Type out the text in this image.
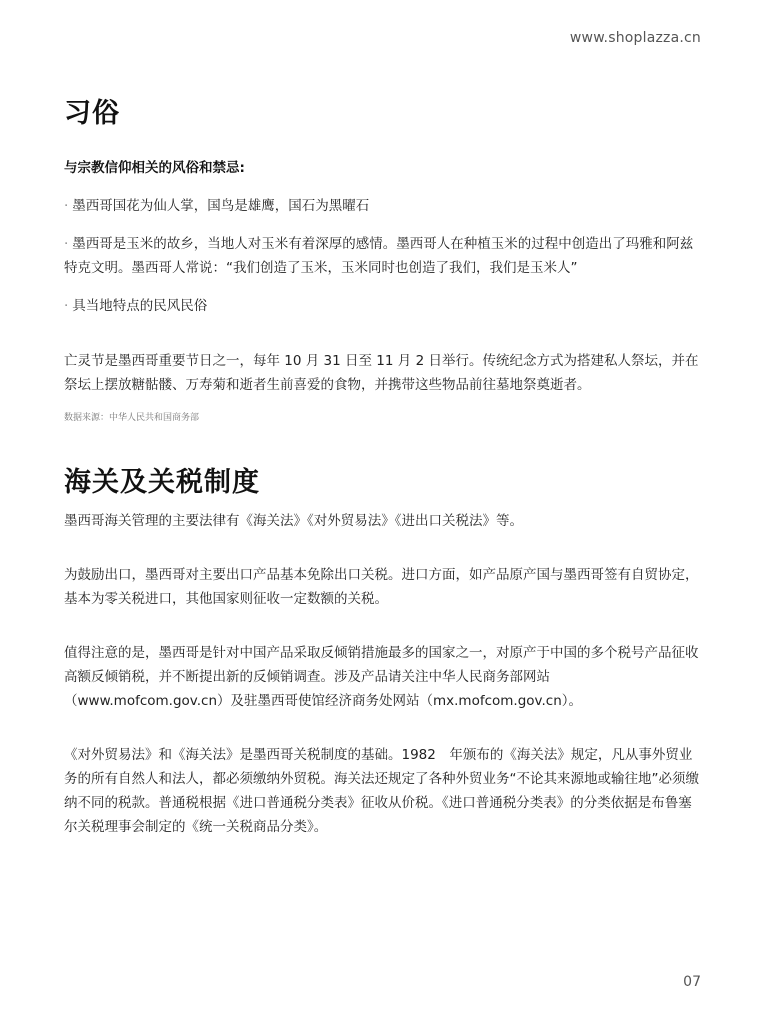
www.shoplazza.cn
习俗
与宗教信仰相关的风俗和禁忌:
· 墨西哥国花为仙人掌，国鸟是雄鹰，国石为黑曜石
· 墨西哥是玉米的故乡，当地人对玉米有着深厚的感情。墨西哥人在种植玉米的过程中创造出了玛雅和阿兹特克文明。墨西哥人常说：“我们创造了玉米，玉米同时也创造了我们，我们是玉米人”
· 具当地特点的民风民俗

亡灵节是墨西哥重要节日之一，每年 10 月 31 日至 11 月 2 日举行。传统纪念方式为搭建私人祭坛，并在祭坛上摆放糖骷髅、万寿菊和逝者生前喜爱的食物，并携带这些物品前往墓地祭奠逝者。

数据来源：中华人民共和国商务部
海关及关税制度

墨西哥海关管理的主要法律有《海关法》《对外贸易法》《进出口关税法》等。

为鼓励出口，墨西哥对主要出口产品基本免除出口关税。进口方面，如产品原产国与墨西哥签有自贸协定，基本为零关税进口，其他国家则征收一定数额的关税。

值得注意的是，墨西哥是针对中国产品采取反倾销措施最多的国家之一，对原产于中国的多个税号产品征收高额反倾销税，并不断提出新的反倾销调查。涉及产品请关注中华人民商务部网站（www.mofcom.gov.cn）及驻墨西哥使馆经济商务处网站（mx.mofcom.gov.cn）。

《对外贸易法》和《海关法》是墨西哥关税制度的基础。1982　年颁布的《海关法》规定，凡从事外贸业务的所有自然人和法人，都必须缴纳外贸税。海关法还规定了各种外贸业务“不论其来源地或输往地”必须缴纳不同的税款。普通税根据《进口普通税分类表》征收从价税。《进口普通税分类表》的分类依据是布鲁塞尔关税理事会制定的《统一关税商品分类》。

07
